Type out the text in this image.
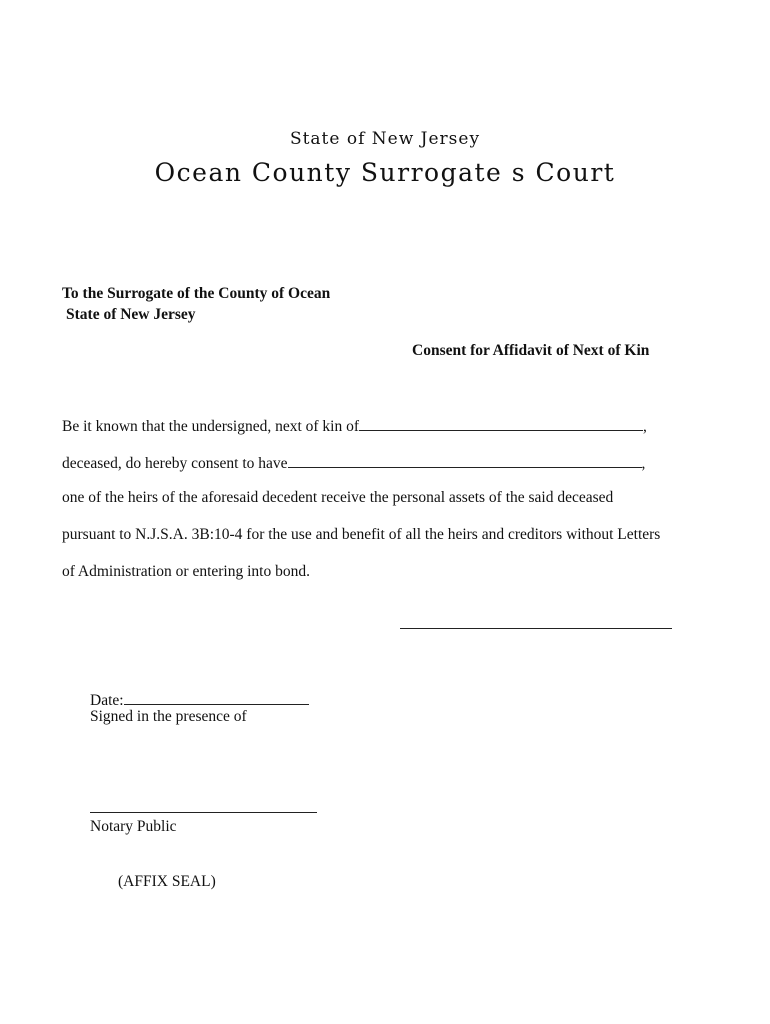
State of New Jersey
Ocean County Surrogate s Court
To the Surrogate of the County of Ocean
State of New Jersey
Consent for Affidavit of Next of Kin
Be it known that the undersigned, next of kin of	,
deceased, do hereby consent to have	,
one of the heirs of the aforesaid decedent receive the personal assets of the said deceased
pursuant to N.J.S.A. 3B:10-4 for the use and benefit of all the heirs and creditors without Letters
of Administration or entering into bond.
Date:
Signed in the presence of
Notary Public
(AFFIX SEAL)
